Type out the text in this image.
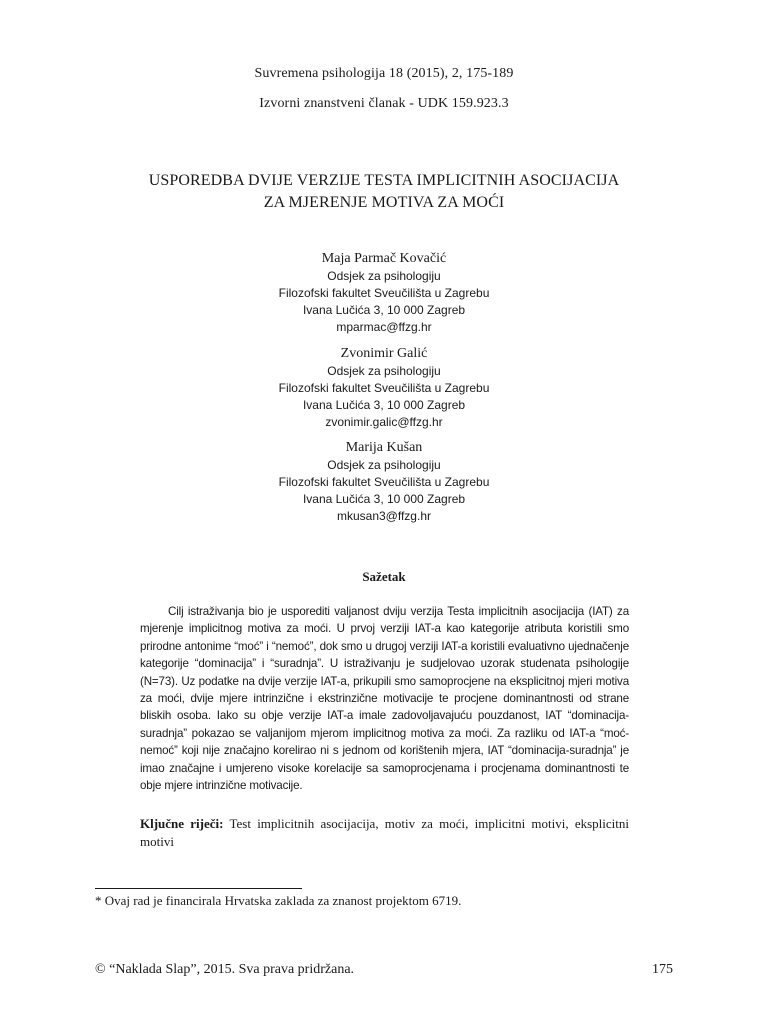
Suvremena psihologija 18 (2015), 2, 175-189
Izvorni znanstveni članak - UDK 159.923.3
USPOREDBA DVIJE VERZIJE TESTA IMPLICITNIH ASOCIJACIJA
ZA MJERENJE MOTIVA ZA MOĆI
Maja Parmač Kovačić
Odsjek za psihologiju
Filozofski fakultet Sveučilišta u Zagrebu
Ivana Lučića 3, 10 000 Zagreb
mparmac@ffzg.hr
Zvonimir Galić
Odsjek za psihologiju
Filozofski fakultet Sveučilišta u Zagrebu
Ivana Lučića 3, 10 000 Zagreb
zvonimir.galic@ffzg.hr
Marija Kušan
Odsjek za psihologiju
Filozofski fakultet Sveučilišta u Zagrebu
Ivana Lučića 3, 10 000 Zagreb
mkusan3@ffzg.hr
Sažetak

Cilj istraživanja bio je usporediti valjanost dviju verzija Testa implicitnih asocijacija (IAT) za mjerenje implicitnog motiva za moći. U prvoj verziji IAT-a kao kategorije atributa koristili smo prirodne antonime “moć” i “nemoć”, dok smo u drugoj verziji IAT-a koristili evaluativno ujednačenje kategorije “dominacija” i “suradnja”. U istraživanju je sudjelovao uzorak studenata psihologije (N=73). Uz podatke na dvije verzije IAT-a, prikupili smo samoprocjene na eksplicitnoj mjeri motiva za moći, dvije mjere intrinzične i ekstrinzične motivacije te procjene dominantnosti od strane bliskih osoba. Iako su obje verzije IAT-a imale zadovoljavajuću pouzdanost, IAT “dominacija-suradnja” pokazao se valjanijom mjerom implicitnog motiva za moći. Za razliku od IAT-a “moć-nemoć” koji nije značajno korelirao ni s jednom od korištenih mjera, IAT “dominacija-suradnja” je imao značajne i umjereno visoke korelacije sa samoprocjenama i procjenama dominantnosti te obje mjere intrinzične motivacije.

Ključne riječi: Test implicitnih asocijacija, motiv za moći, implicitni motivi, eksplicitni motivi
* Ovaj rad je financirala Hrvatska zaklada za znanost projektom 6719.
© “Naklada Slap”, 2015. Sva prava pridržana.	175
